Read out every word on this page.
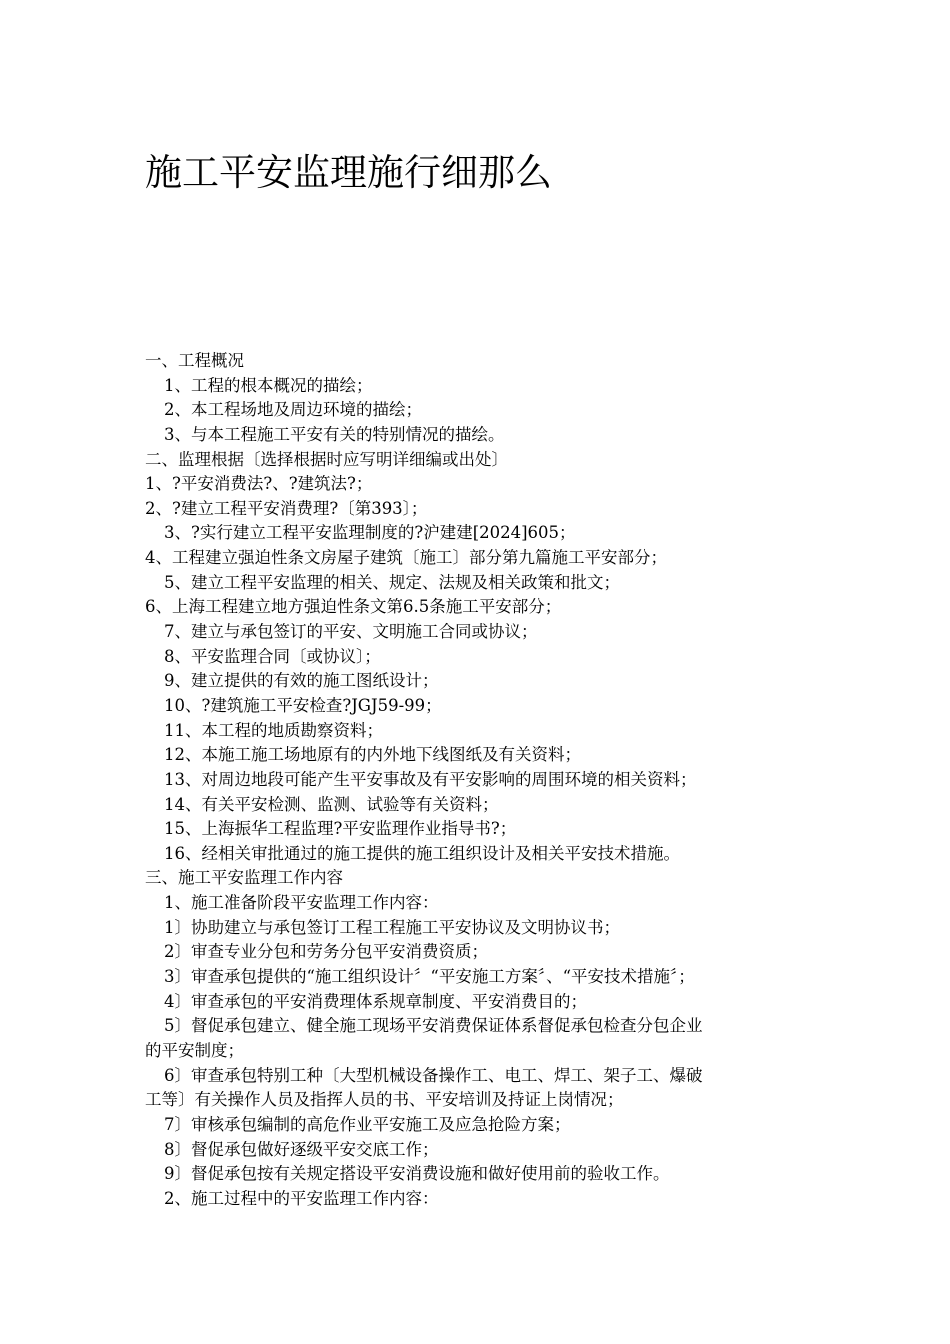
施工平安监理施行细那么
一、工程概况
1、工程的根本概况的描绘；
2、本工程场地及周边环境的描绘；
3、与本工程施工平安有关的特别情况的描绘。
二、监理根据〔选择根据时应写明详细编或出处〕
1、?平安消费法?、?建筑法?；
2、?建立工程平安消费理?〔第393〕；
3、?实行建立工程平安监理制度的?沪建建[2024]605；
4、工程建立强迫性条文房屋子建筑〔施工〕部分第九篇施工平安部分；
5、建立工程平安监理的相关、规定、法规及相关政策和批文；
6、上海工程建立地方强迫性条文第6.5条施工平安部分；
7、建立与承包签订的平安、文明施工合同或协议；
8、平安监理合同〔或协议〕；
9、建立提供的有效的施工图纸设计；
10、?建筑施工平安检查?JGJ59-99；
11、本工程的地质勘察资料；
12、本施工施工场地原有的内外地下线图纸及有关资料；
13、对周边地段可能产生平安事故及有平安影响的周围环境的相关资料；
14、有关平安检测、监测、试验等有关资料；
15、上海振华工程监理?平安监理作业指导书?；
16、经相关审批通过的施工提供的施工组织设计及相关平安技术措施。
三、施工平安监理工作内容
1、施工准备阶段平安监理工作内容：
1〕协助建立与承包签订工程工程施工平安协议及文明协议书；
2〕审查专业分包和劳务分包平安消费资质；
3〕审查承包提供的“施工组织设计〞“平安施工方案〞、“平安技术措施〞；
4〕审查承包的平安消费理体系规章制度、平安消费目的；
5〕督促承包建立、健全施工现场平安消费保证体系督促承包检查分包企业
的平安制度；
6〕审查承包特别工种〔大型机械设备操作工、电工、焊工、架子工、爆破
工等〕有关操作人员及指挥人员的书、平安培训及持证上岗情况；
7〕审核承包编制的高危作业平安施工及应急抢险方案；
8〕督促承包做好逐级平安交底工作；
9〕督促承包按有关规定搭设平安消费设施和做好使用前的验收工作。
2、施工过程中的平安监理工作内容：
